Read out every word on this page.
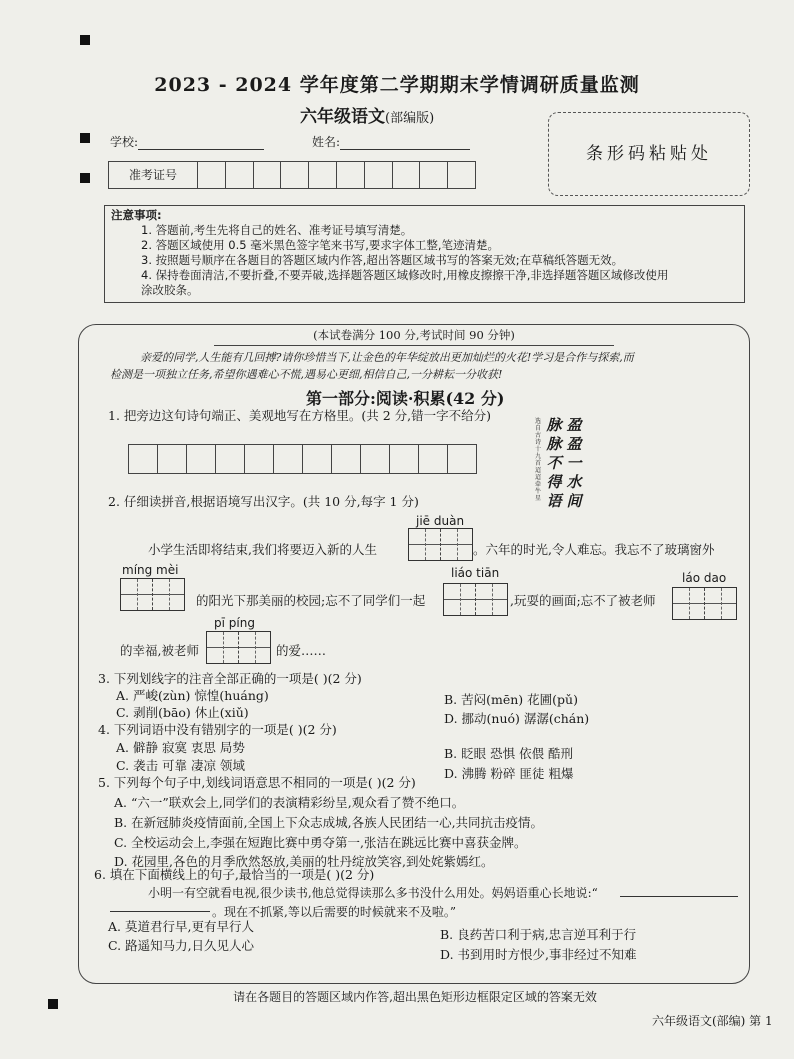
2023 - 2024 学年度第二学期期末学情调研质量监测
六年级语文(部编版)
条形码粘贴处
学校:	姓名:
准考证号
注意事项:
1. 答题前,考生先将自己的姓名、准考证号填写清楚。
2. 答题区域使用 0.5 毫米黑色签字笔来书写,要求字体工整,笔迹清楚。
3. 按照题号顺序在各题目的答题区域内作答,超出答题区域书写的答案无效;在草稿纸答题无效。
4. 保持卷面清洁,不要折叠,不要弄破,选择题答题区域修改时,用橡皮擦擦干净,非选择题答题区域修改使用
涂改胶条。
(本试卷满分 100 分,考试时间 90 分钟)
亲爱的同学,人生能有几回搏?请你珍惜当下,让金色的年华绽放出更加灿烂的火花!学习是合作与探索,而
检测是一项独立任务,希望你遇难心不慌,遇易心更细,相信自己,一分耕耘一分收获!
第一部分:阅读·积累(42 分)
1. 把旁边这句诗句端正、美观地写在方格里。(共 2 分,错一字不给分)
盈盈一水间
脉脉不得语
选自古诗十九首迢迢牵牛星
2. 仔细读拼音,根据语境写出汉字。(共 10 分,每字 1 分)
jiē duàn
小学生活即将结束,我们将要迈入新的人生	。六年的时光,令人难忘。我忘不了玻璃窗外
míng mèi
的阳光下那美丽的校园;忘不了同学们一起
liáo tiān
,玩耍的画面;忘不了被老师
láo dao
pī píng
的幸福,被老师	的爱……
3. 下列划线字的注音全部正确的一项是( )(2 分)
A. 严峻(zùn) 惊惶(huáng)	B. 苦闷(mēn) 花圃(pǔ)
C. 剥削(bāo) 休止(xiǔ)	D. 挪动(nuó) 潺潺(chán)
4. 下列词语中没有错别字的一项是( )(2 分)
A. 僻静 寂寞 衷思 局势	B. 眨眼 恐惧 依偎 酷刑
C. 袭击 可靠 凄凉 领域
D. 沸腾 粉碎 匪徒 粗爆
5. 下列每个句子中,划线词语意思不相同的一项是( )(2 分)
A. “六一”联欢会上,同学们的表演精彩纷呈,观众看了赞不绝口。
B. 在新冠肺炎疫情面前,全国上下众志成城,各族人民团结一心,共同抗击疫情。
C. 全校运动会上,李强在短跑比赛中勇夺第一,张洁在跳远比赛中喜获金牌。
D. 花园里,各色的月季欣然怒放,美丽的牡丹绽放笑容,到处姹紫嫣红。
6. 填在下面横线上的句子,最恰当的一项是( )(2 分)
小明一有空就看电视,很少读书,他总觉得读那么多书没什么用处。妈妈语重心长地说:“
。现在不抓紧,等以后需要的时候就来不及啦。”
A. 莫道君行早,更有早行人
B. 良药苦口利于病,忠言逆耳利于行
C. 路遥知马力,日久见人心
D. 书到用时方恨少,事非经过不知难
请在各题目的答题区域内作答,超出黑色矩形边框限定区域的答案无效
六年级语文(部编) 第 1
